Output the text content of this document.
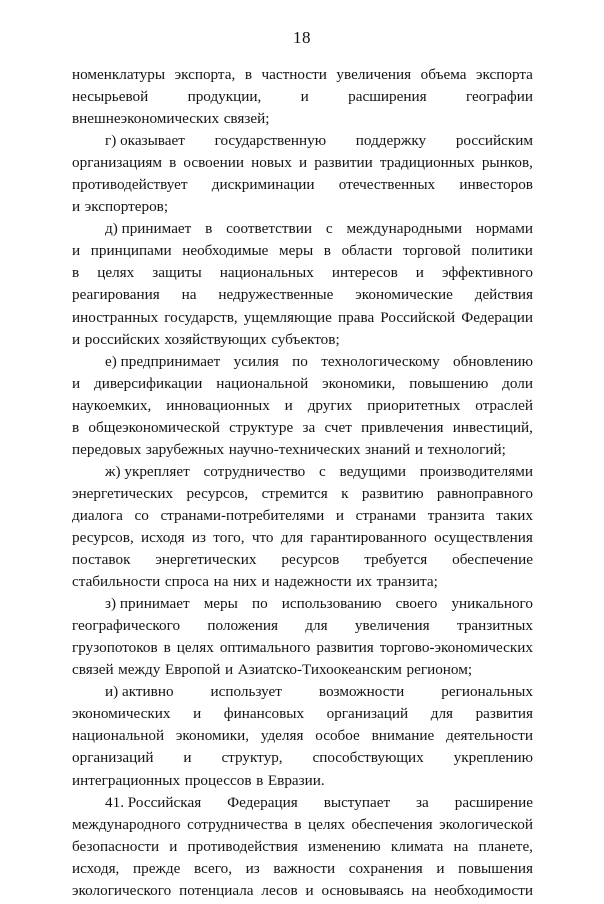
18
номенклатуры экспорта, в частности увеличения объема экспорта
несырьевой	продукции,	и	расширения	географии
внешнеэкономических связей;
г) оказывает государственную поддержку российским
организациям в освоении новых и развитии традиционных рынков,
противодействует дискриминации отечественных инвесторов
и экспортеров;
д) принимает в соответствии с международными нормами
и принципами необходимые меры в области торговой политики
в целях защиты национальных интересов и эффективного
реагирования на недружественные экономические действия
иностранных государств, ущемляющие права Российской Федерации
и российских хозяйствующих субъектов;
е) предпринимает усилия по технологическому обновлению
и диверсификации национальной экономики, повышению доли
наукоемких, инновационных и других приоритетных отраслей
в общеэкономической структуре за счет привлечения инвестиций,
передовых зарубежных научно-технических знаний и технологий;
ж) укрепляет сотрудничество с ведущими производителями
энергетических ресурсов, стремится к развитию равноправного
диалога со странами-потребителями и странами транзита таких
ресурсов, исходя из того, что для гарантированного осуществления
поставок энергетических ресурсов требуется обеспечение
стабильности спроса на них и надежности их транзита;
з) принимает меры по использованию своего уникального
географического положения для увеличения транзитных
грузопотоков в целях оптимального развития торгово-экономических
связей между Европой и Азиатско-Тихоокеанским регионом;
и) активно использует возможности региональных
экономических и финансовых организаций для развития
национальной экономики, уделяя особое внимание деятельности
организаций и структур, способствующих укреплению
интеграционных процессов в Евразии.
41. Российская Федерация выступает за расширение
международного сотрудничества в целях обеспечения экологической
безопасности и противодействия изменению климата на планете,
исходя, прежде всего, из важности сохранения и повышения
экологического потенциала лесов и основываясь на необходимости
